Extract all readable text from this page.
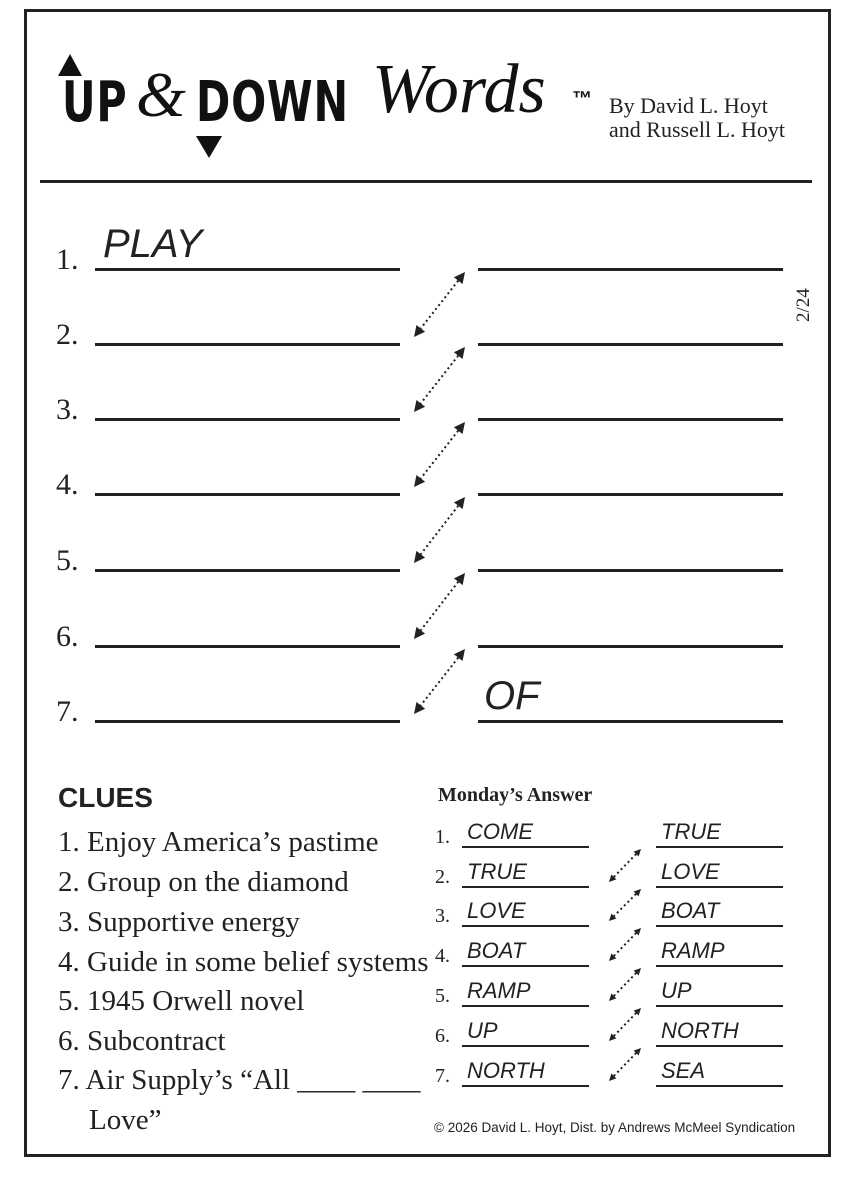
UP & DOWN Words ™ By David L. Hoyt
and Russell L. Hoyt
2/24
1. PLAY
2.
3.
4.
5.
6.
7.	OF
CLUES
1. Enjoy America’s pastime
2. Group on the diamond
3. Supportive energy
4. Guide in some belief systems
5. 1945 Orwell novel
6. Subcontract
7. Air Supply’s “All ____ ____
Love”
Monday’s Answer
1. COME	TRUE
2. TRUE	LOVE
3. LOVE	BOAT
4. BOAT	RAMP
5. RAMP	UP
6. UP	NORTH
7. NORTH	SEA
© 2026 David L. Hoyt, Dist. by Andrews McMeel Syndication
